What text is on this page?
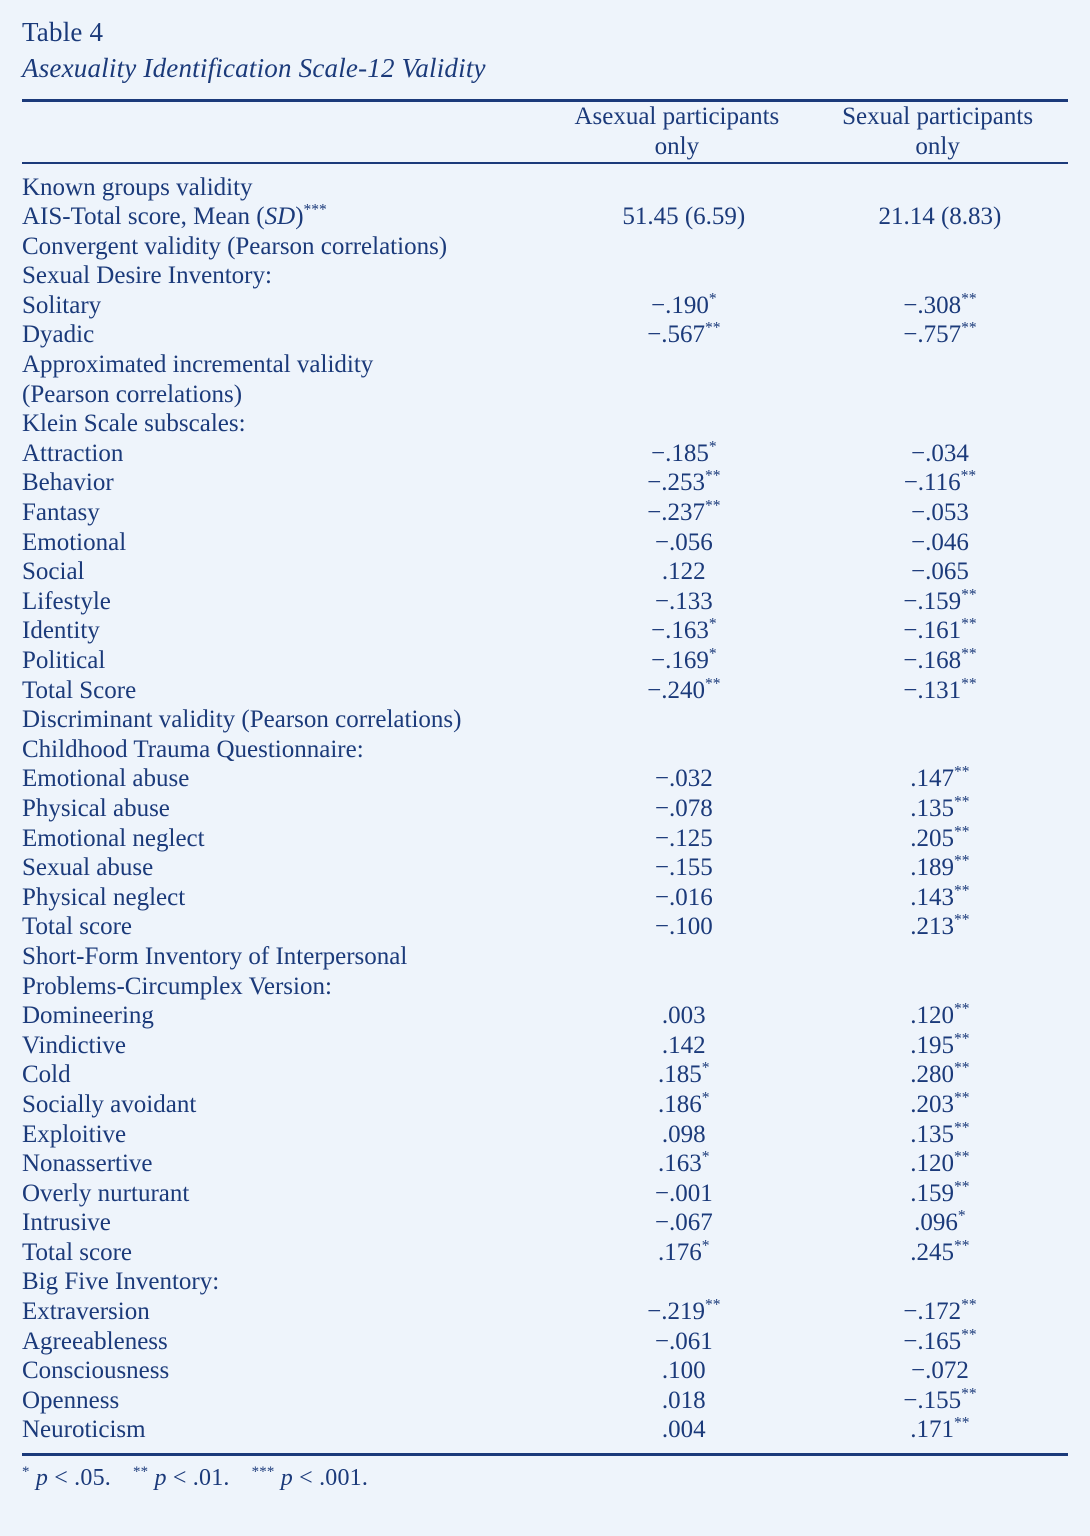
Table 4
Asexuality Identification Scale-12 Validity
	Asexual participants
only
	Sexual participants
only
Known groups validity		
AIS-Total score, Mean (SD)***	51.45 (6.59)	21.14 (8.83)
Convergent validity (Pearson correlations)		
Sexual Desire Inventory:		
Solitary	−.190*	−.308**
Dyadic	−.567**	−.757**
Approximated incremental validity		
(Pearson correlations)		
Klein Scale subscales:		
Attraction	−.185*	−.034
Behavior	−.253**	−.116**
Fantasy	−.237**	−.053
Emotional	−.056	−.046
Social	.122	−.065
Lifestyle	−.133	−.159**
Identity	−.163*	−.161**
Political	−.169*	−.168**
Total Score	−.240**	−.131**
Discriminant validity (Pearson correlations)		
Childhood Trauma Questionnaire:		
Emotional abuse	−.032	.147**
Physical abuse	−.078	.135**
Emotional neglect	−.125	.205**
Sexual abuse	−.155	.189**
Physical neglect	−.016	.143**
Total score	−.100	.213**
Short-Form Inventory of Interpersonal		
Problems-Circumplex Version:		
Domineering	.003	.120**
Vindictive	.142	.195**
Cold	.185*	.280**
Socially avoidant	.186*	.203**
Exploitive	.098	.135**
Nonassertive	.163*	.120**
Overly nurturant	−.001	.159**
Intrusive	−.067	.096*
Total score	.176*	.245**
Big Five Inventory:		
Extraversion	−.219**	−.172**
Agreeableness	−.061	−.165**
Consciousness	.100	−.072
Openness	.018	−.155**
Neuroticism	.004	.171**
* p < .05. ** p < .01. *** p < .001.
